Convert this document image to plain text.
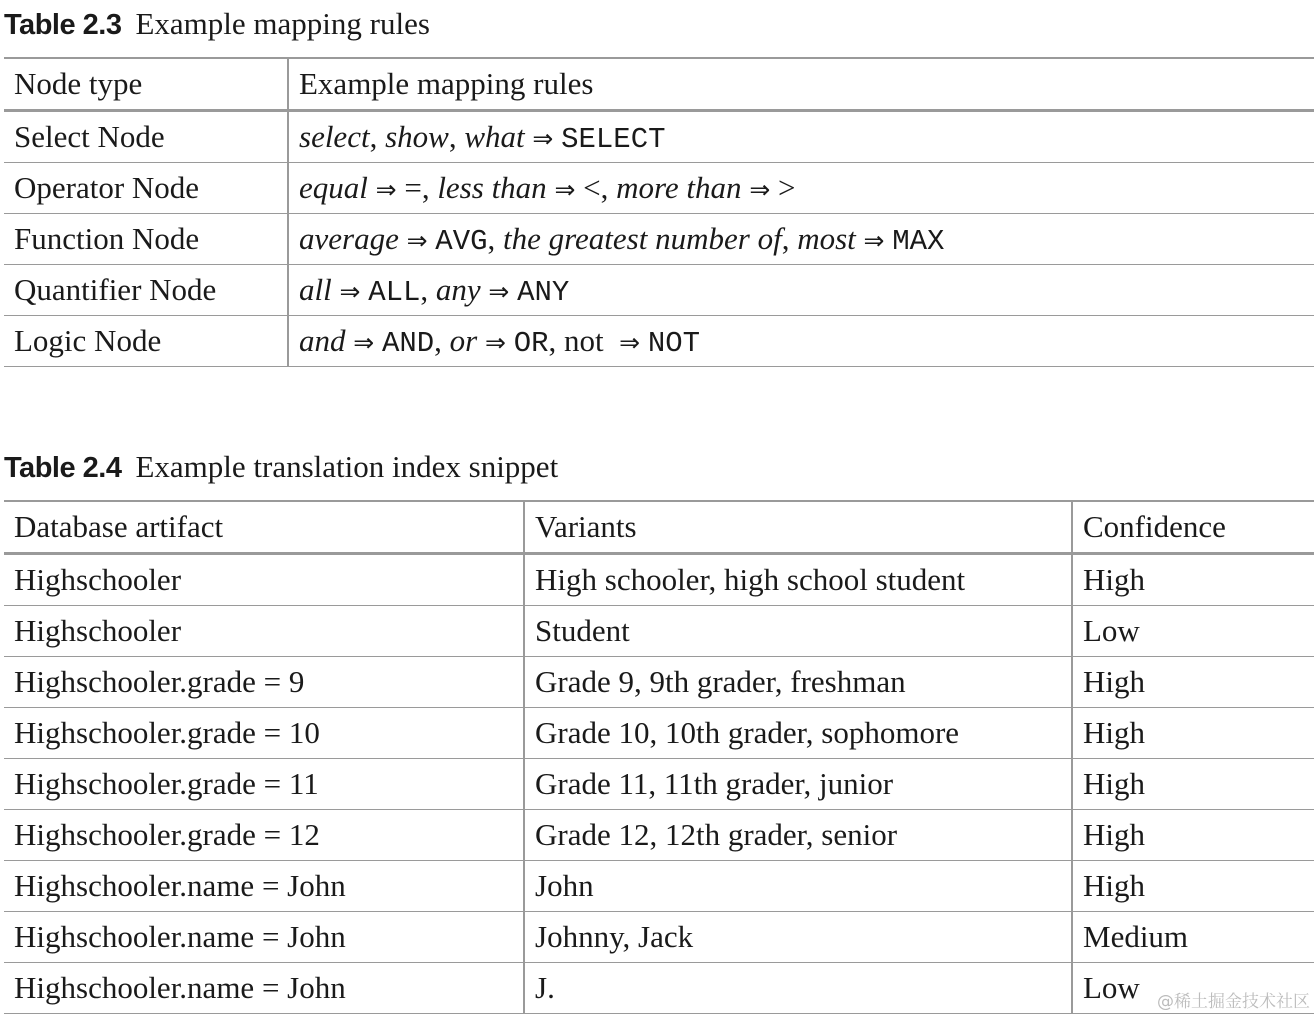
Table 2.3 Example mapping rules
Node type	Example mapping rules
Select Node	select, show, what ⇒ SELECT
Operator Node	equal ⇒ =, less than ⇒ <, more than ⇒ >
Function Node	average ⇒ AVG, the greatest number of, most ⇒ MAX
Quantifier Node	all ⇒ ALL, any ⇒ ANY
Logic Node	and ⇒ AND, or ⇒ OR, not  ⇒ NOT
Table 2.4 Example translation index snippet
Database artifact	Variants	Confidence
Highschooler	High schooler, high school student	High
Highschooler	Student	Low
Highschooler.grade = 9	Grade 9, 9th grader, freshman	High
Highschooler.grade = 10	Grade 10, 10th grader, sophomore	High
Highschooler.grade = 11	Grade 11, 11th grader, junior	High
Highschooler.grade = 12	Grade 12, 12th grader, senior	High
Highschooler.name = John	John	High
Highschooler.name = John	Johnny, Jack	Medium
Highschooler.name = John	J.	Low @稀土掘金技术社区
